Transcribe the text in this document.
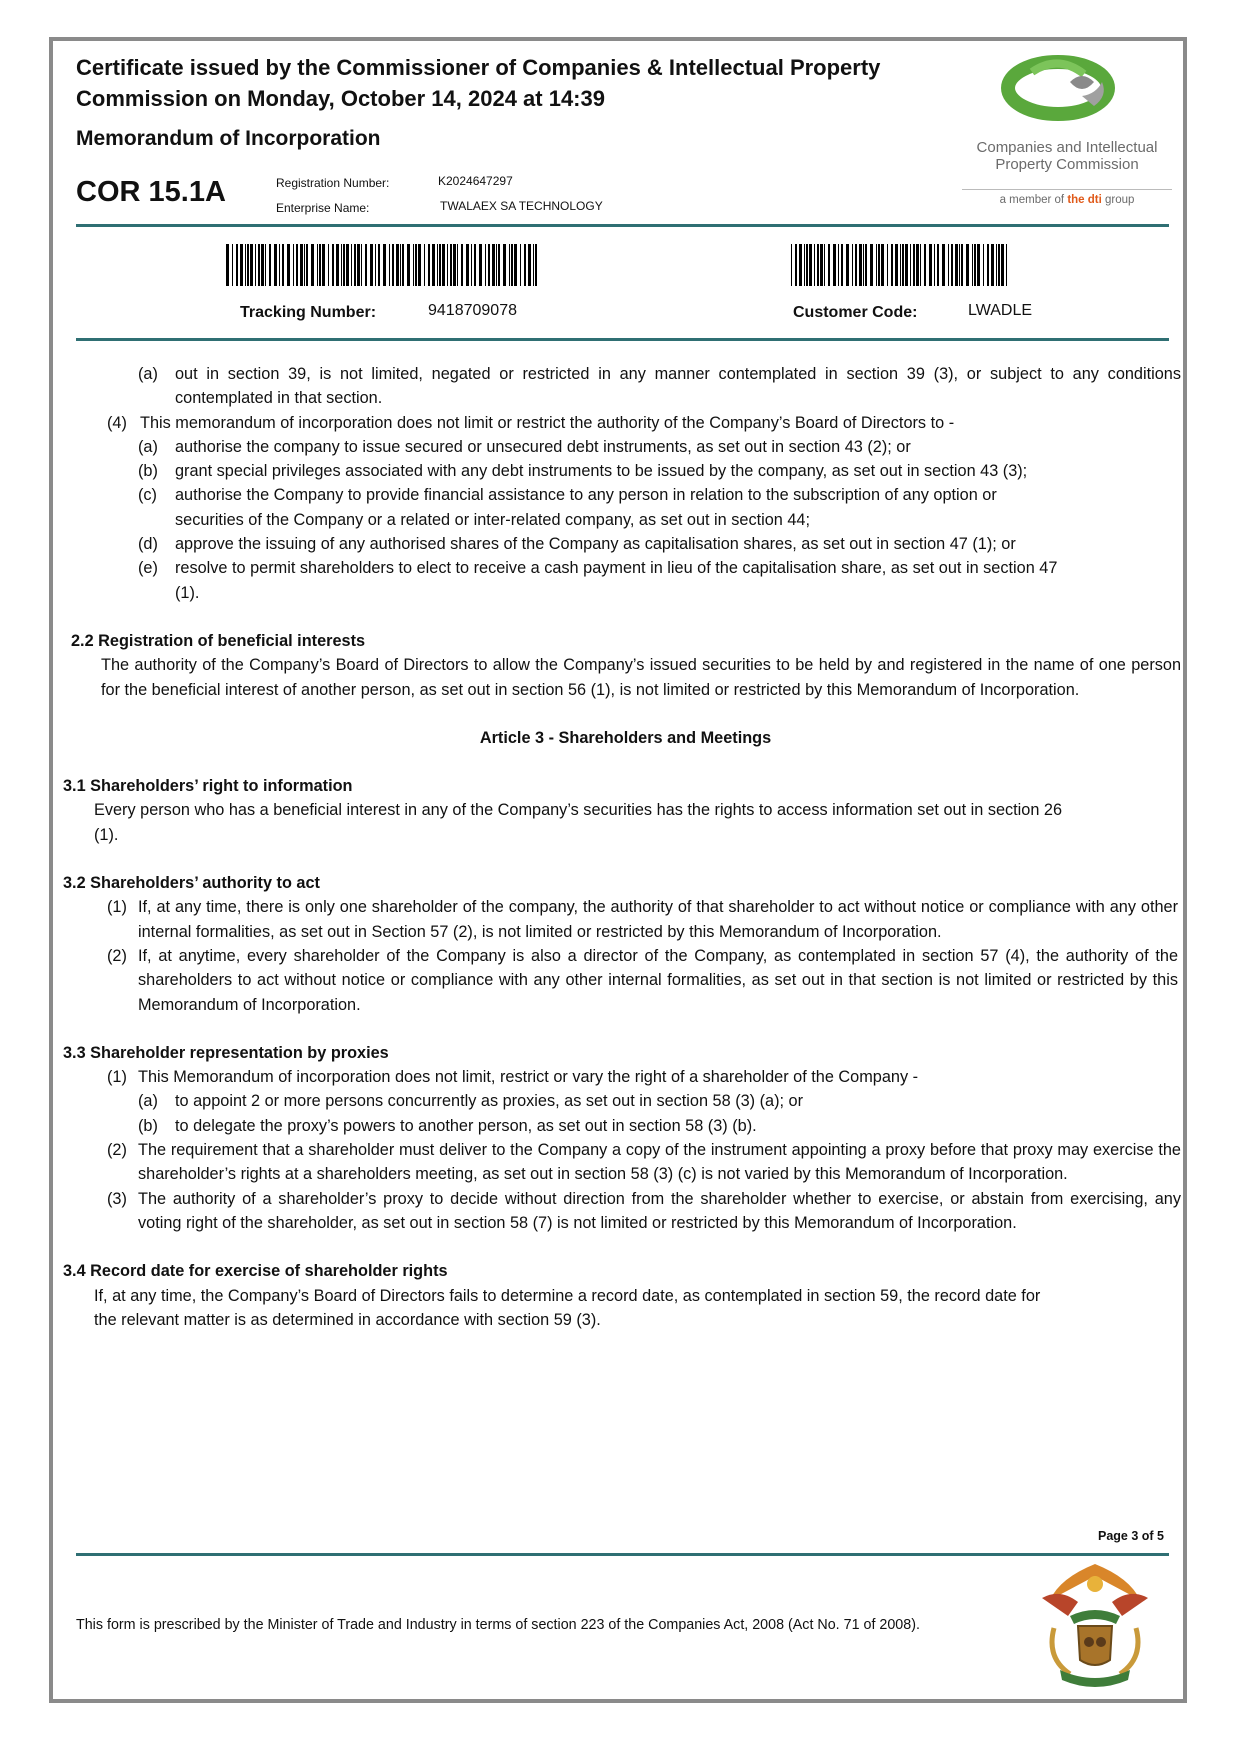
Certificate issued by the Commissioner of Companies & Intellectual Property Commission on Monday, October 14, 2024 at 14:39
Memorandum of Incorporation
COR 15.1A	Registration Number:	K2024647297
Enterprise Name:	TWALAEX SA TECHNOLOGY
Companies and Intellectual
Property Commission
a member of the dti group
Tracking Number:	9418709078	Customer Code:	LWADLE
(a) out in section 39, is not limited, negated or restricted in any manner contemplated in section 39 (3), or subject to any conditions contemplated in that section.
(4) This memorandum of incorporation does not limit or restrict the authority of the Company’s Board of Directors to -
(a) authorise the company to issue secured or unsecured debt instruments, as set out in section 43 (2); or
(b) grant special privileges associated with any debt instruments to be issued by the company, as set out in section 43 (3);
(c) authorise the Company to provide financial assistance to any person in relation to the subscription of any option or securities of the Company or a related or inter-related company, as set out in section 44;
(d) approve the issuing of any authorised shares of the Company as capitalisation shares, as set out in section 47 (1); or
(e) resolve to permit shareholders to elect to receive a cash payment in lieu of the capitalisation share, as set out in section 47 (1).
2.2 Registration of beneficial interests
The authority of the Company’s Board of Directors to allow the Company’s issued securities to be held by and registered in the name of one person for the beneficial interest of another person, as set out in section 56 (1), is not limited or restricted by this Memorandum of Incorporation.
Article 3 - Shareholders and Meetings
3.1 Shareholders’ right to information
Every person who has a beneficial interest in any of the Company’s securities has the rights to access information set out in section 26 (1).
3.2 Shareholders’ authority to act
(1) If, at any time, there is only one shareholder of the company, the authority of that shareholder to act without notice or compliance with any other internal formalities, as set out in Section 57 (2), is not limited or restricted by this Memorandum of Incorporation.
(2) If, at anytime, every shareholder of the Company is also a director of the Company, as contemplated in section 57 (4), the authority of the shareholders to act without notice or compliance with any other internal formalities, as set out in that section is not limited or restricted by this Memorandum of Incorporation.
3.3 Shareholder representation by proxies
(1) This Memorandum of incorporation does not limit, restrict or vary the right of a shareholder of the Company -
(a) to appoint 2 or more persons concurrently as proxies, as set out in section 58 (3) (a); or
(b) to delegate the proxy’s powers to another person, as set out in section 58 (3) (b).
(2) The requirement that a shareholder must deliver to the Company a copy of the instrument appointing a proxy before that proxy may exercise the shareholder’s rights at a shareholders meeting, as set out in section 58 (3) (c) is not varied by this Memorandum of Incorporation.
(3) The authority of a shareholder’s proxy to decide without direction from the shareholder whether to exercise, or abstain from exercising, any voting right of the shareholder, as set out in section 58 (7) is not limited or restricted by this Memorandum of Incorporation.
3.4 Record date for exercise of shareholder rights
If, at any time, the Company’s Board of Directors fails to determine a record date, as contemplated in section 59, the record date for the relevant matter is as determined in accordance with section 59 (3).
Page 3 of 5
This form is prescribed by the Minister of Trade and Industry in terms of section 223 of the Companies Act, 2008 (Act No. 71 of 2008).
